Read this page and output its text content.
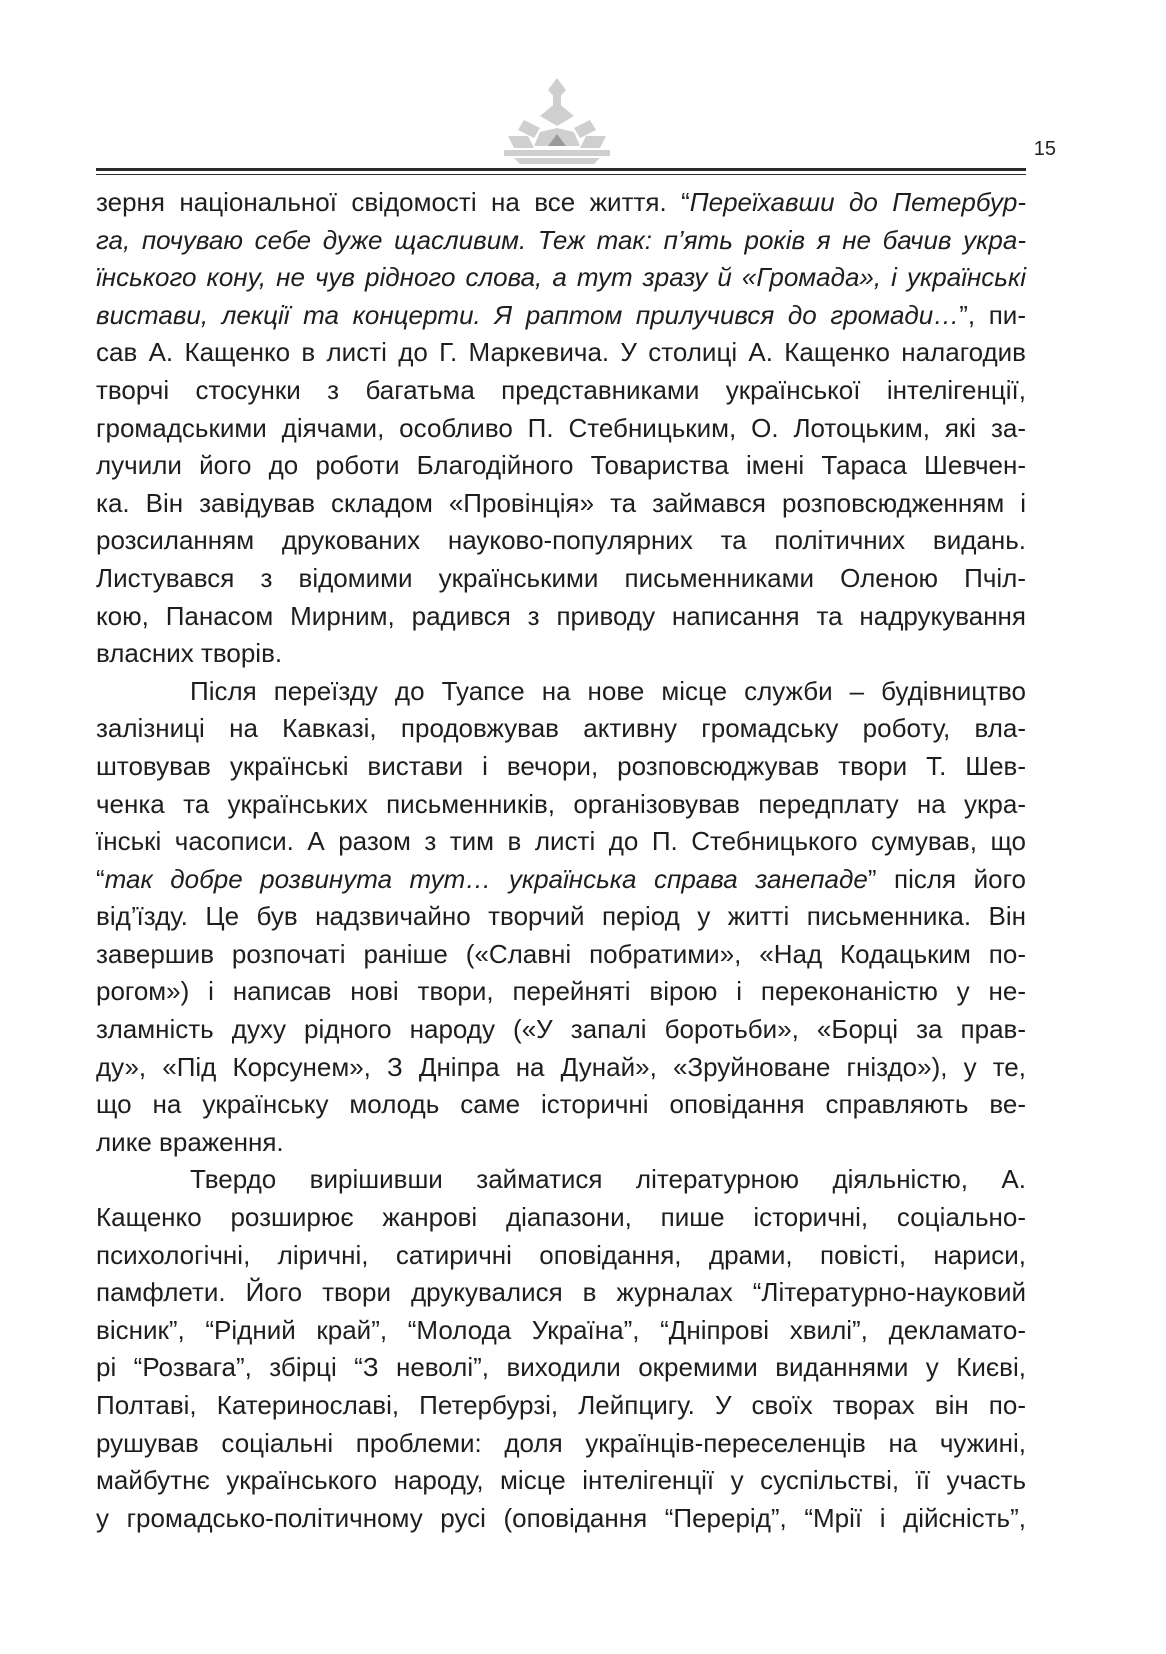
15
зерня національної свідомості на все життя. “Переїхавши до Петербур-
га, почуваю себе дуже щасливим. Теж так: п’ять років я не бачив укра-
їнського кону, не чув рідного слова, а тут зразу й «Громада», і українські
вистави, лекції та концерти. Я раптом прилучився до громади…”, пи-
сав А. Кащенко в листі до Г. Маркевича. У столиці А. Кащенко налагодив
творчі стосунки з багатьма представниками української інтелігенції,
громадськими діячами, особливо П. Стебницьким, О. Лотоцьким, які за-
лучили його до роботи Благодійного Товариства імені Тараса Шевчен-
ка. Він завідував складом «Провінція» та займався розповсюдженням і
розсиланням друкованих науково-популярних та політичних видань.
Листувався з відомими українськими письменниками Оленою Пчіл-
кою, Панасом Мирним, радився з приводу написання та надрукування
власних творів.
Після переїзду до Туапсе на нове місце служби – будівництво
залізниці на Кавказі, продовжував активну громадську роботу, вла-
штовував українські вистави і вечори, розповсюджував твори Т. Шев-
ченка та українських письменників, організовував передплату на укра-
їнські часописи. А разом з тим в листі до П. Стебницького сумував, що
“так добре розвинута тут… українська справа занепаде” після його
від’їзду. Це був надзвичайно творчий період у житті письменника. Він
завершив розпочаті раніше («Славні побратими», «Над Кодацьким по-
рогом») і написав нові твори, перейняті вірою і переконаністю у не-
зламність духу рідного народу («У запалі боротьби», «Борці за прав-
ду», «Під Корсунем», З Дніпра на Дунай», «Зруйноване гніздо»), у те,
що на українську молодь саме історичні оповідання справляють ве-
лике враження.
Твердо вирішивши займатися літературною діяльністю, А.
Кащенко розширює жанрові діапазони, пише історичні, соціально-
психологічні, ліричні, сатиричні оповідання, драми, повісті, нариси,
памфлети. Його твори друкувалися в журналах “Літературно-науковий
вісник”, “Рідний край”, “Молода Україна”, “Дніпрові хвилі”, декламато-
рі “Розвага”, збірці “З неволі”, виходили окремими виданнями у Києві,
Полтаві, Катеринославі, Петербурзі, Лейпцигу. У своїх творах він по-
рушував соціальні проблеми: доля українців-переселенців на чужині,
майбутнє українського народу, місце інтелігенції у суспільстві, її участь
у громадсько-політичному русі (оповідання “Перерід”, “Мрії і дійсність”,
